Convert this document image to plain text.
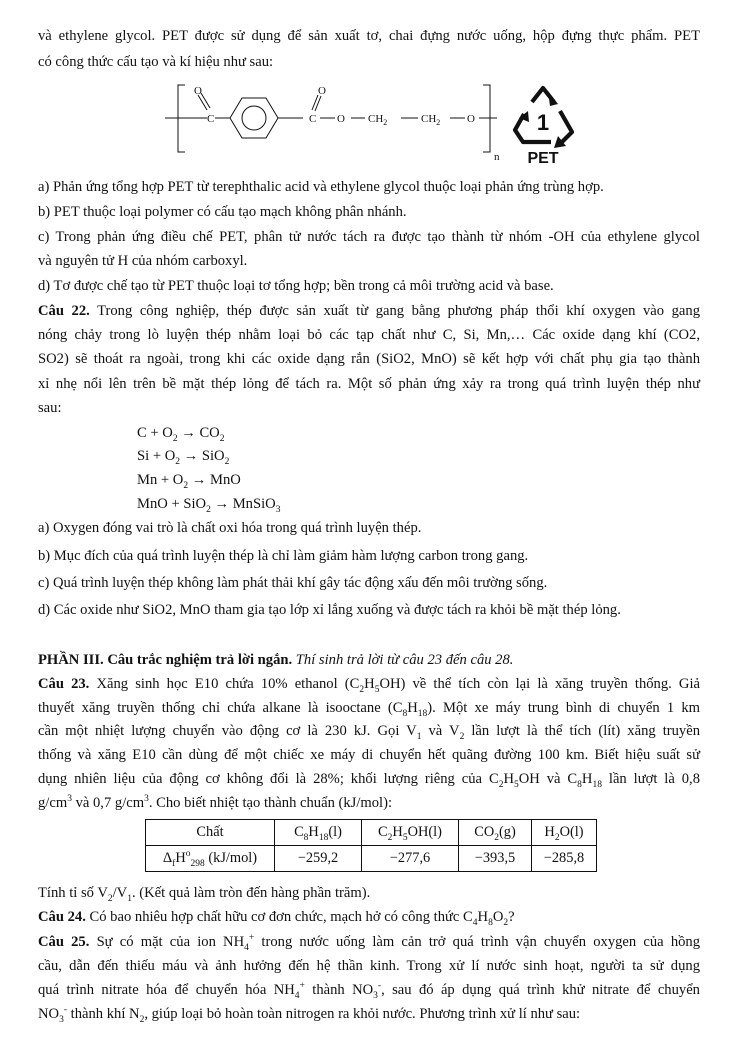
và ethylene glycol. PET được sử dụng để sản xuất tơ, chai đựng nước uống, hộp đựng thực phẩm. PET
có công thức cấu tạo và kí hiệu như sau:
O
C
O
C O $CH_2$	$CH_2$ O
n
1
PET
a) Phản ứng tổng hợp PET từ terephthalic acid và ethylene glycol thuộc loại phản ứng trùng hợp.
b) PET thuộc loại polymer có cấu tạo mạch không phân nhánh.
c) Trong phản ứng điều chế PET, phân tử nước tách ra được tạo thành từ nhóm -OH của ethylene glycol
và nguyên tử H của nhóm carboxyl.
d) Tơ được chế tạo từ PET thuộc loại tơ tổng hợp; bền trong cả môi trường acid và base.
Câu 22. Trong công nghiệp, thép được sản xuất từ gang bằng phương pháp thổi khí oxygen vào gang
nóng chảy trong lò luyện thép nhằm loại bỏ các tạp chất như C, Si, Mn,… Các oxide dạng khí (CO2,
SO2) sẽ thoát ra ngoài, trong khi các oxide dạng rắn (SiO2, MnO) sẽ kết hợp với chất phụ gia tạo thành
xỉ nhẹ nổi lên trên bề mặt thép lỏng để tách ra. Một số phản ứng xảy ra trong quá trình luyện thép như
sau:
$C + O_2 \to CO_2$
$Si + O_2 \to SiO_2$
$Mn + O_2$ → MnO
MnO + SiO$_2$ → MnSiO$_3$
a) Oxygen đóng vai trò là chất oxi hóa trong quá trình luyện thép.
b) Mục đích của quá trình luyện thép là chỉ làm giảm hàm lượng carbon trong gang.
c) Quá trình luyện thép không làm phát thải khí gây tác động xấu đến môi trường sống.
d) Các oxide như SiO2, MnO tham gia tạo lớp xỉ lắng xuống và được tách ra khỏi bề mặt thép lỏng.
PHẦN III. Câu trắc nghiệm trả lời ngắn. Thí sinh trả lời từ câu 23 đến câu 28.
Câu 23. Xăng sinh học E10 chứa 10% ethanol $(C_2H_5OH)$ về thể tích còn lại là xăng truyền thống. Giả
thuyết xăng truyền thống chỉ chứa alkane là isooctane $(C_8H_{18})$. Một xe máy trung bình di chuyển 1 km
cần một nhiệt lượng chuyển vào động cơ là 230 kJ. Gọi $V_1$ và $V_2$ lần lượt là thể tích (lít) xăng truyền
thống và xăng E10 cần dùng để một chiếc xe máy di chuyển hết quãng đường 100 km. Biết hiệu suất sử
dụng nhiên liệu của động cơ không đổi là 28%; khối lượng riêng của $C_2H_5OH$ và $C_8H_{18}$ lần lượt là 0,8
$g/cm^3$ và 0,7 $g/cm^3$. Cho biết nhiệt tạo thành chuẩn (kJ/mol):
Chất	$C_8H_{18}(l)$	$C_2H_5OH(l)$	$CO_2(g)$	$H_2O(l)$
$\Delta_fH^o_{298}$ (kJ/mol)	−259,2	−277,6	−393,5	−285,8
Tính tỉ số $V_2/V_1$. (Kết quả làm tròn đến hàng phần trăm).
Câu 24. Có bao nhiêu hợp chất hữu cơ đơn chức, mạch hở có công thức $C_4H_8O_2$?
Câu 25. Sự có mặt của ion $NH_4^+$ trong nước uống làm cản trở quá trình vận chuyển oxygen của hồng
cầu, dẫn đến thiếu máu và ảnh hưởng đến hệ thần kinh. Trong xử lí nước sinh hoạt, người ta sử dụng
quá trình nitrate hóa để chuyển hóa $NH_4^+$ thành $NO_3^-$, sau đó áp dụng quá trình khử nitrate để chuyển
$NO_3^-$ thành khí $N_2$, giúp loại bỏ hoàn toàn nitrogen ra khỏi nước. Phương trình xử lí như sau:
